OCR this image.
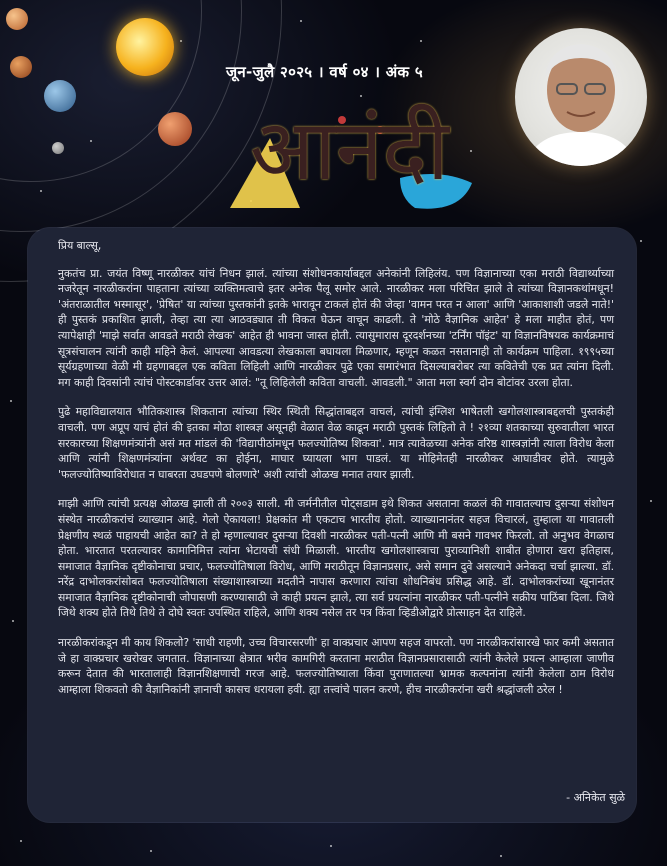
जून-जुलै २०२५ । वर्ष ०४ । अंक ५
आनंदी

प्रिय बाल्सू,

नुकतंच प्रा. जयंत विष्णू नारळीकर यांचं निधन झालं. त्यांच्या संशोधनकार्याबद्दल अनेकांनी लिहिलंय. पण विज्ञानाच्या एका मराठी विद्यार्थ्याच्या नजरेतून नारळीकरांना पाहताना त्यांच्या व्यक्तिमत्वाचे इतर अनेक पैलू समोर आले. नारळीकर मला परिचित झाले ते त्यांच्या विज्ञानकथांमधून! 'अंतराळातील भस्मासूर', 'प्रेषित' या त्यांच्या पुस्तकांनी इतके भारावून टाकलं होतं की जेव्हा 'वामन परत न आला' आणि 'आकाशाशी जडले नाते!' ही पुस्तकं प्रकाशित झाली, तेव्हा त्या त्या आठवड्यात ती विकत घेऊन वाचून काढली. ते 'मोठे वैज्ञानिक आहेत' हे मला माहीत होतं, पण त्यापेक्षाही 'माझे सर्वात आवडते मराठी लेखक' आहेत ही भावना जास्त होती. त्यासुमारास दूरदर्शनच्या 'टर्निंग पॉइंट' या विज्ञानविषयक कार्यक्रमाचं सूत्रसंचालन त्यांनी काही महिने केलं. आपल्या आवडत्या लेखकाला बघायला मिळणार, म्हणून कळत नसतानाही तो कार्यक्रम पाहिला. १९९५च्या सूर्यग्रहणाच्या वेळी मी ग्रहणाबद्दल एक कविता लिहिली आणि नारळीकर पुढे एका समारंभात दिसल्याबरोबर त्या कवितेची एक प्रत त्यांना दिली. मग काही दिवसांनी त्यांचं पोस्टकार्डावर उत्तर आलं: "तू लिहिलेली कविता वाचली. आवडली." आता मला स्वर्ग दोन बोटांवर उरला होता.

पुढे महाविद्यालयात भौतिकशास्त्र शिकताना त्यांच्या स्थिर स्थिती सिद्धांताबद्दल वाचलं, त्यांची इंग्लिश भाषेतली खगोलशास्त्राबद्दलची पुस्तकंही वाचली. पण अप्रूप याचं होतं की इतका मोठा शास्त्रज्ञ असूनही वेळात वेळ काढून मराठी पुस्तकं लिहितो ते ! २१व्या शतकाच्या सुरुवातीला भारत सरकारच्या शिक्षणमंत्र्यांनी असं मत मांडलं की 'विद्यापीठांमधून फलज्योतिष्य शिकवा'. मात्र त्यावेळच्या अनेक वरिष्ठ शास्त्रज्ञांनी त्याला विरोध केला आणि त्यांनी शिक्षणमंत्र्यांना अर्थवट का होईना, माघार घ्यायला भाग पाडलं. या मोहिमेतही नारळीकर आघाडीवर होते. त्यामुळे 'फलज्योतिष्याविरोधात न घाबरता उघडपणे बोलणारे' अशी त्यांची ओळख मनात तयार झाली.

माझी आणि त्यांची प्रत्यक्ष ओळख झाली ती २००३ साली. मी जर्मनीतील पोट्सडाम इथे शिकत असताना कळलं की गावातल्याच दुसऱ्या संशोधन संस्थेत नारळीकरांचं व्याख्यान आहे. गेलो ऐकायला! प्रेक्षकांत मी एकटाच भारतीय होतो. व्याख्यानानंतर सहज विचारलं, तुम्हाला या गावातली प्रेक्षणीय स्थळं पाहायची आहेत का? ते हो म्हणाल्यावर दुसऱ्या दिवशी नारळीकर पती-पत्नी आणि मी बसने गावभर फिरलो. तो अनुभव वेगळाच होता. भारतात परतल्यावर कामानिमित्त त्यांना भेटायची संधी मिळाली. भारतीय खगोलशास्त्राचा पुराव्यानिशी शाबीत होणारा खरा इतिहास, समाजात वैज्ञानिक दृष्टीकोनाचा प्रचार, फलज्योतिषाला विरोध, आणि मराठीतून विज्ञानप्रसार, असे समान दुवे असल्याने अनेकदा चर्चा झाल्या. डॉ. नरेंद्र दाभोलकरांसोबत फलज्योतिषाला संख्याशास्त्राच्या मदतीने नापास करणारा त्यांचा शोधनिबंध प्रसिद्ध आहे. डॉ. दाभोलकरांच्या खूनानंतर समाजात वैज्ञानिक दृष्टीकोनाची जोपासणी करण्यासाठी जे काही प्रयत्न झाले, त्या सर्व प्रयत्नांना नारळीकर पती-पत्नीने सक्रीय पाठिंबा दिला. जिथे जिथे शक्य होते तिथे तिथे ते दोघे स्वतः उपस्थित राहिले, आणि शक्य नसेल तर पत्र किंवा व्हिडीओद्वारे प्रोत्साहन देत राहिले.

नारळीकरांकडून मी काय शिकलो? 'साधी राहणी, उच्च विचारसरणी' हा वाक्प्रचार आपण सहज वापरतो. पण नारळीकरांसारखे फार कमी असतात जे हा वाक्प्रचार खरोखर जगतात. विज्ञानाच्या क्षेत्रात भरीव कामगिरी करताना मराठीत विज्ञानप्रसारासाठी त्यांनी केलेले प्रयत्न आम्हाला जाणीव करून देतात की भारतालाही विज्ञानशिक्षणाची गरज आहे. फलज्योतिष्याला किंवा पुराणातल्या भ्रामक कल्पनांना त्यांनी केलेला ठाम विरोध आम्हाला शिकवतो की वैज्ञानिकांनी ज्ञानाची कासच धरायला हवी. ह्या तत्त्वांचे पालन करणे, हीच नारळीकरांना खरी श्रद्धांजली ठरेल !

- अनिकेत सुळे
